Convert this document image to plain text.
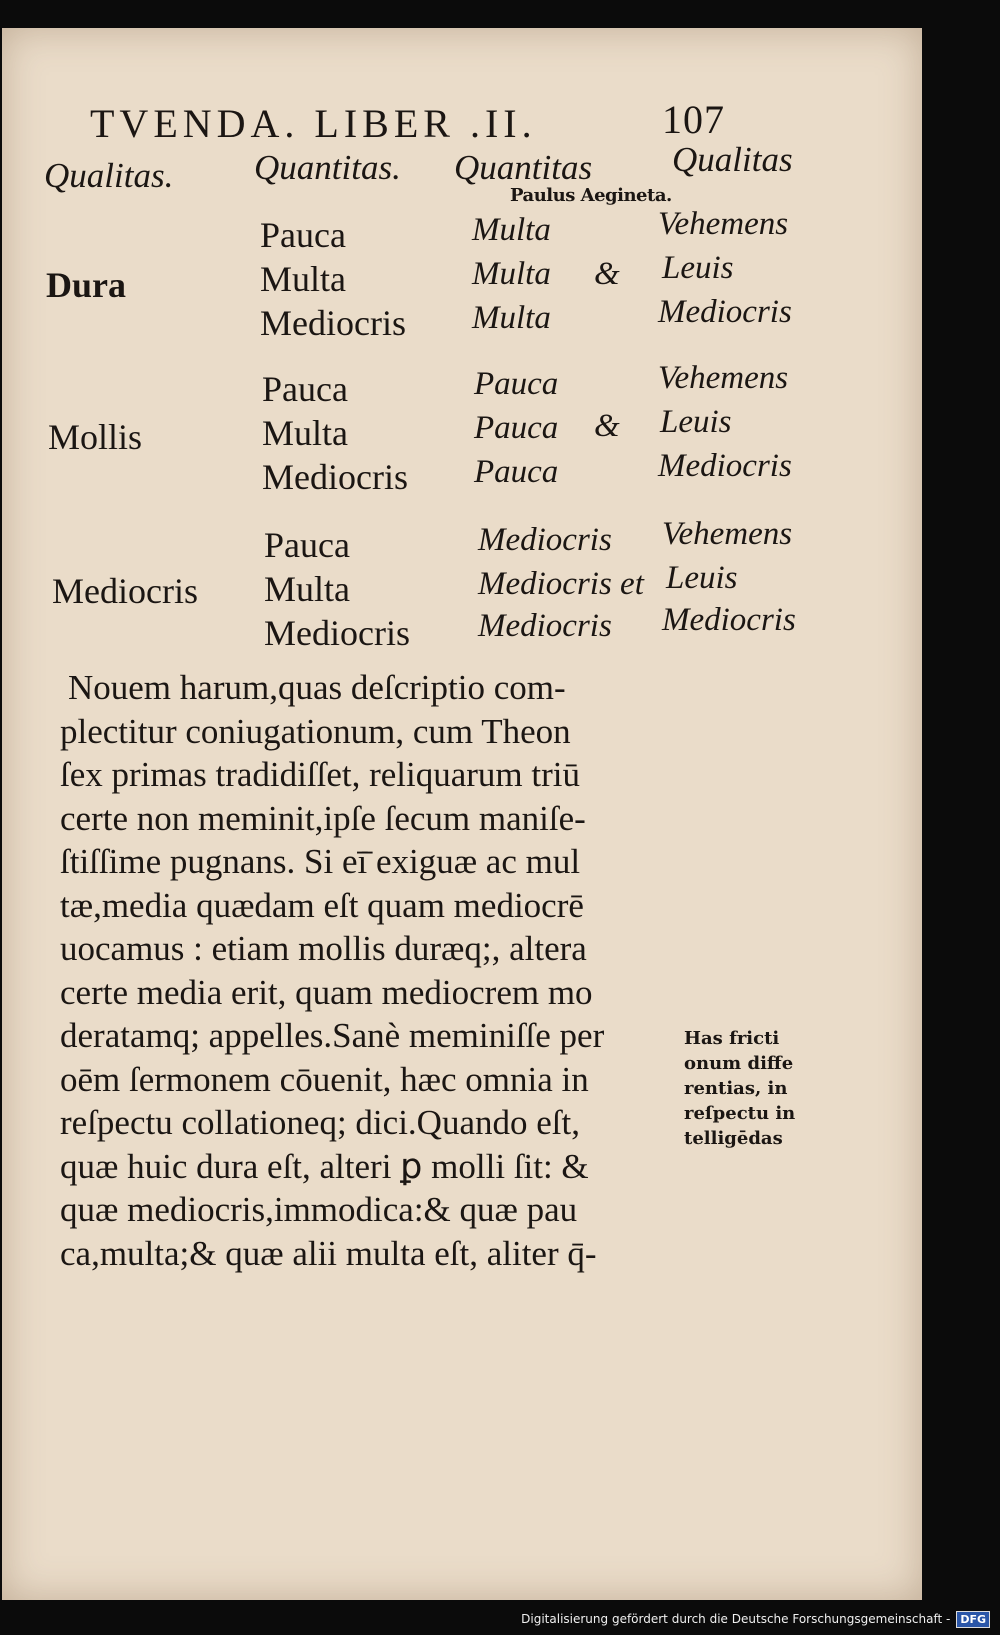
TVENDA. LIBER .II.	107
Qualitas. Quantitas. Quantitas Qualitas
Paulus Aegineta.
Dura
Pauca
Multa
Mediocris
Multa
Multa
Multa
&
Vehemens
Leuis
Mediocris
Mollis
Pauca
Multa
Mediocris
Pauca
Pauca
Pauca
&
Vehemens
Leuis
Mediocris
Mediocris
Pauca
Multa
Mediocris
Mediocris
Mediocris et
Mediocris
Vehemens
Leuis
Mediocris
Nouem harum,quas deſcriptio com-
plectitur coniugationum, cum Theon
ſex primas tradidiſſet, reliquarum triū
certe non meminit,ipſe ſecum maniſe-
ſtiſſime pugnans. Si eī̄ exiguæ ac mul
tæ,media quædam eſt quam mediocrē
uocamus : etiam mollis duræq;, altera
certe media erit, quam mediocrem mo
deratamq; appelles.Sanè meminiſſe per
oēm ſermonem cōuenit, hæc omnia in
reſpectu collationeq; dici.Quando eſt,
quæ huic dura eſt, alteri ꝑ molli ſit: &
quæ mediocris,immodica:& quæ pau
ca,multa;& quæ alii multa eſt, aliter q̄-
Has fricti
onum diffe
rentias, in
reſpectu in
telligēdas
Digitalisierung gefördert durch die Deutsche Forschungsgemeinschaft - DFG
